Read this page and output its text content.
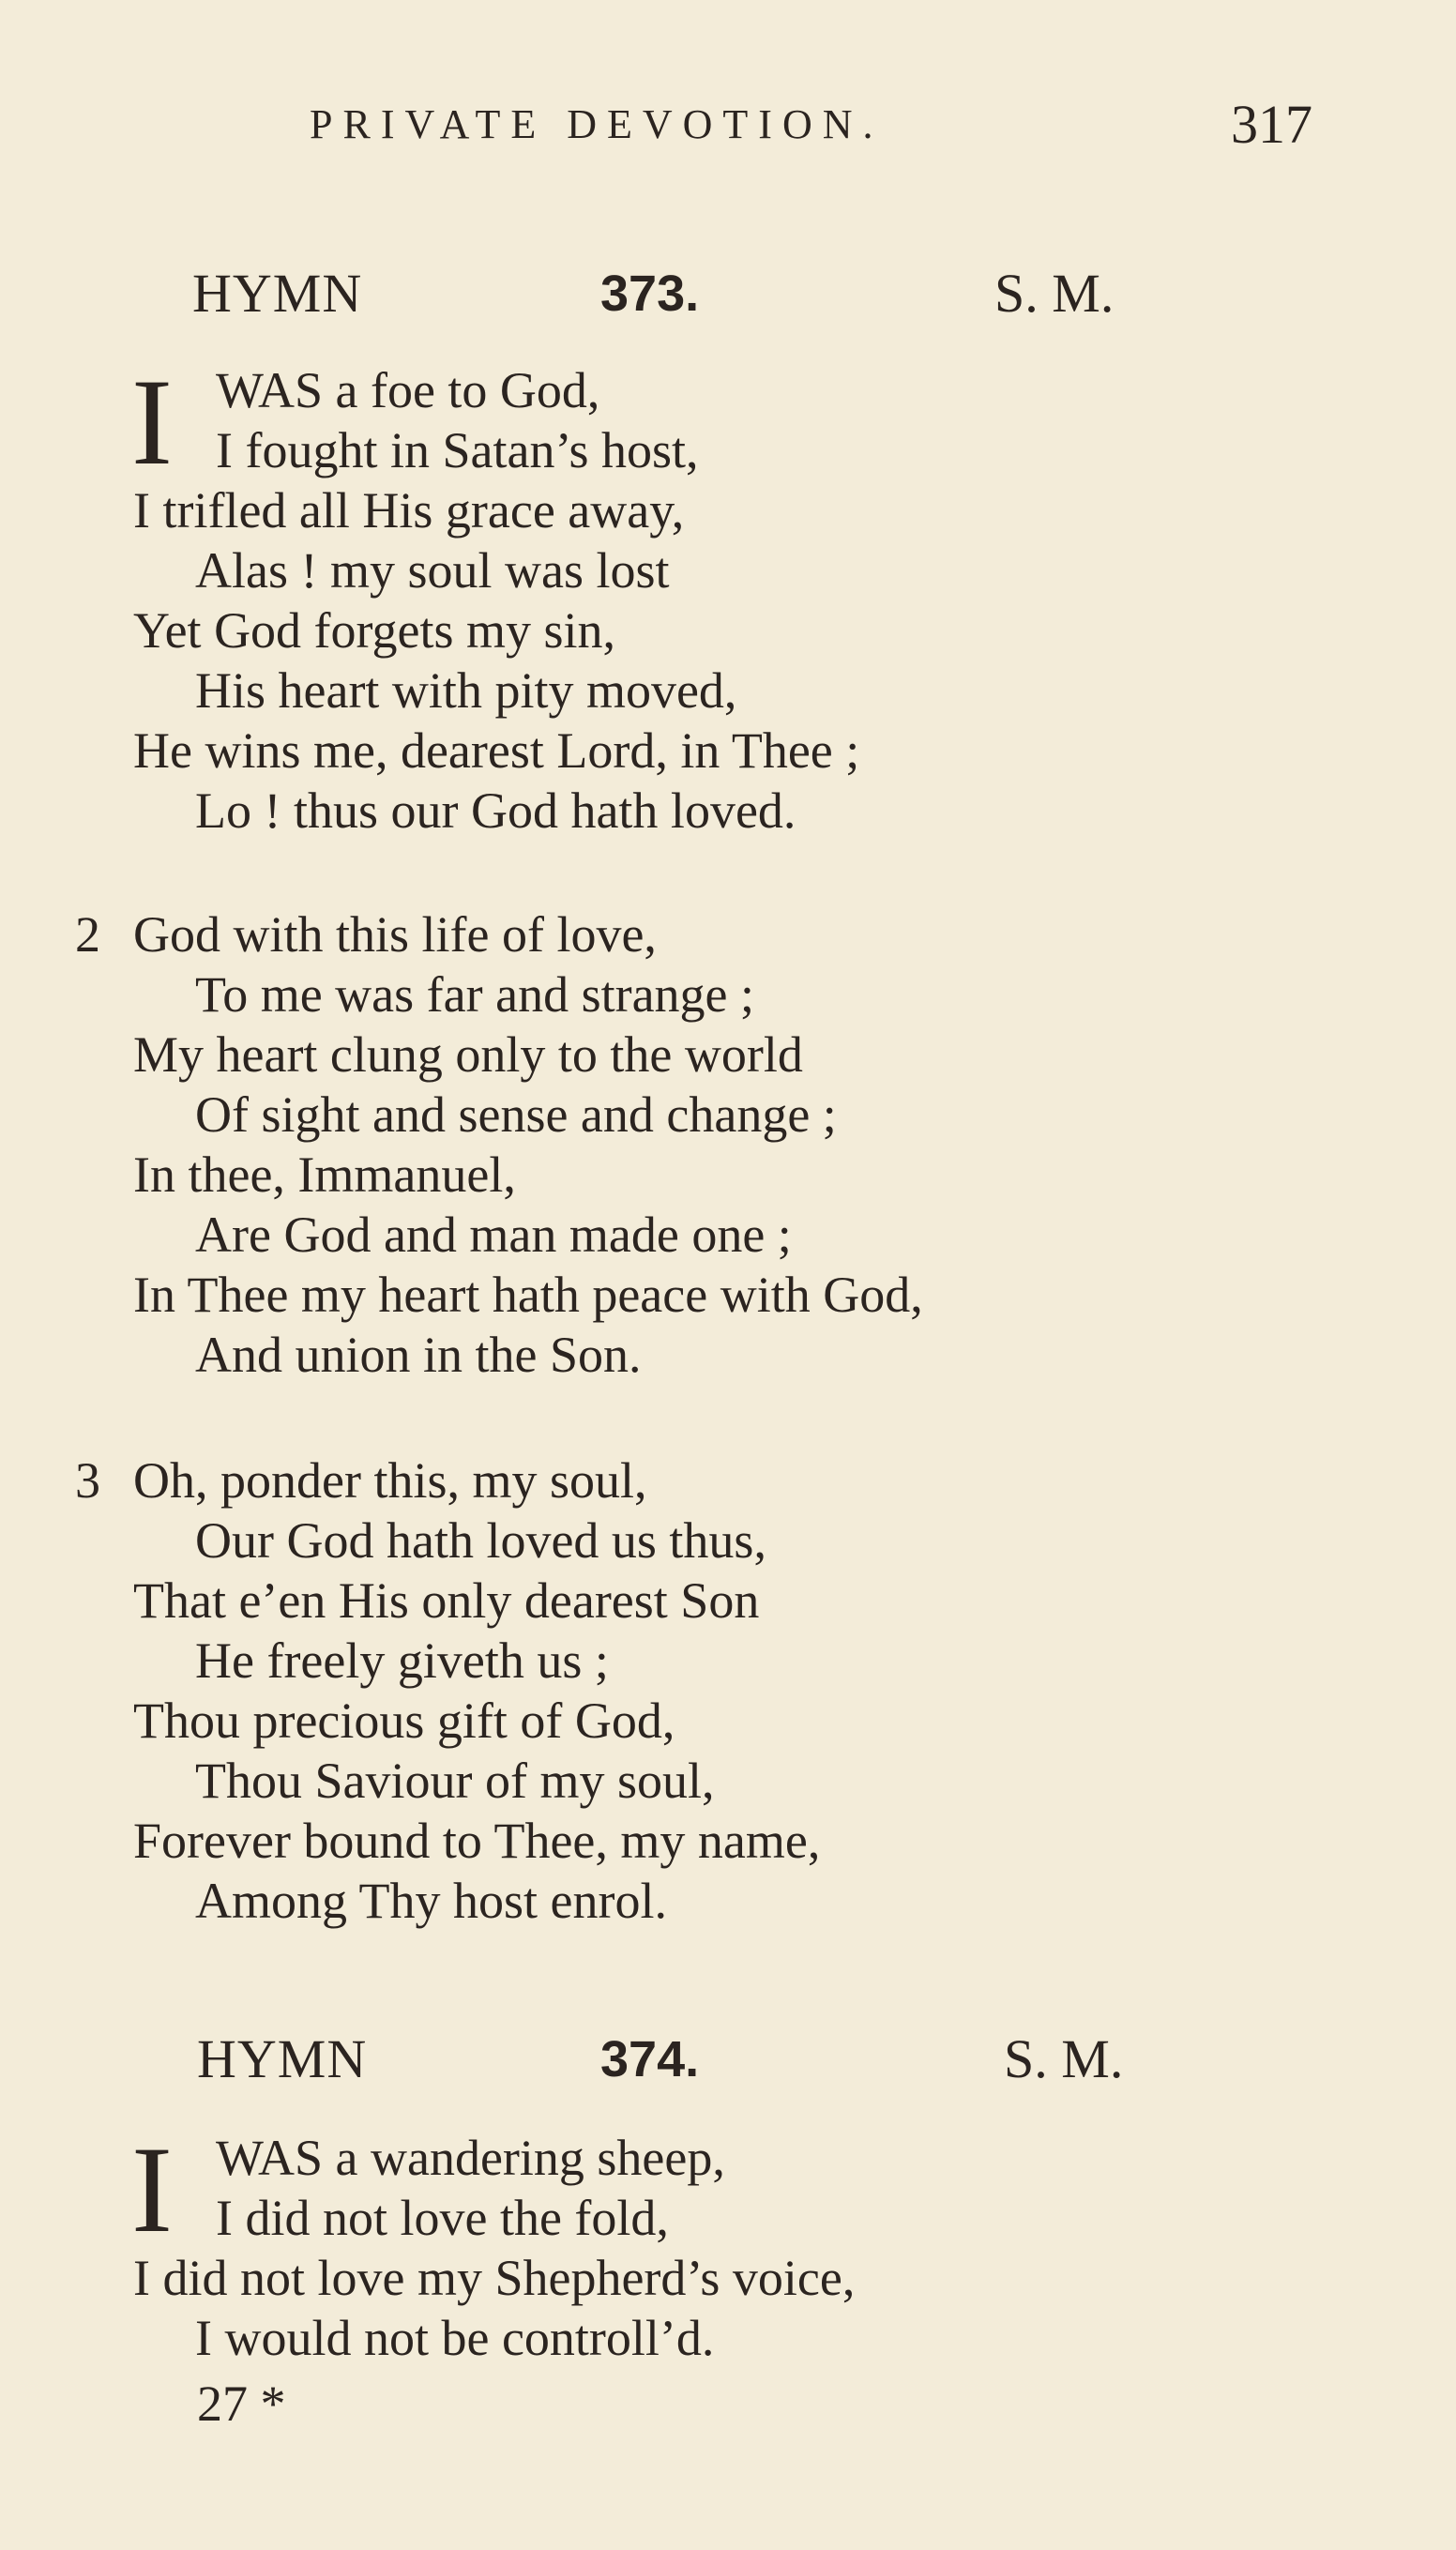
PRIVATE DEVOTION.	317
HYMN	373.	S. M.
I WAS a foe to God,
I fought in Satan’s host,
I trifled all His grace away,
Alas ! my soul was lost
Yet God forgets my sin,
His heart with pity moved,
He wins me, dearest Lord, in Thee ;
Lo ! thus our God hath loved.
2 God with this life of love,
To me was far and strange ;
My heart clung only to the world
Of sight and sense and change ;
In thee, Immanuel,
Are God and man made one ;
In Thee my heart hath peace with God,
And union in the Son.
3 Oh, ponder this, my soul,
Our God hath loved us thus,
That e’en His only dearest Son
He freely giveth us ;
Thou precious gift of God,
Thou Saviour of my soul,
Forever bound to Thee, my name,
Among Thy host enrol.
HYMN	374.	S. M.
I WAS a wandering sheep,
I did not love the fold,
I did not love my Shepherd’s voice,
I would not be controll’d.
27 *
